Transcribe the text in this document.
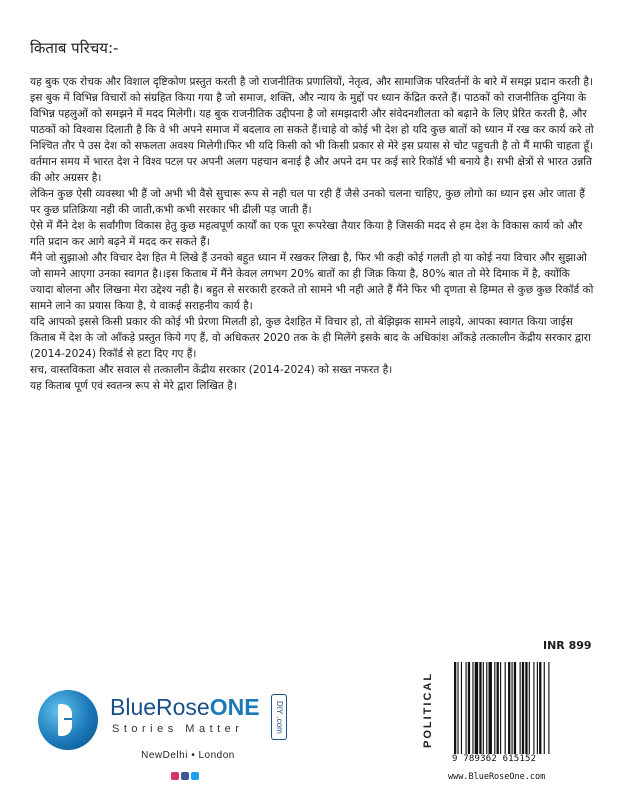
किताब परिचय:-

यह बुक एक रोचक और विशाल दृष्टिकोण प्रस्तुत करती है जो राजनीतिक प्रणालियों, नेतृत्व, और सामाजिक परिवर्तनों के बारे में समझ प्रदान करती है। इस बुक में विभिन्न विचारों को संग्रहित किया गया है जो समाज, शक्ति, और न्याय के मुद्दों पर ध्यान केंद्रित करते हैं। पाठकों को राजनीतिक दुनिया के विभिन्न पहलुओं को समझने में मदद मिलेगी। यह बुक राजनीतिक उद्दीपना है जो समझदारी और संवेदनशीलता को बढ़ाने के लिए प्रेरित करती है, और पाठकों को विश्वास दिलाती है कि वे भी अपने समाज में बदलाव ला सकते हैं।चाहे वो कोई भी देश हो यदि कुछ बातों को ध्यान में रख कर कार्य करे तो निश्चित तौर पे उस देश को सफलता अवश्य मिलेगी।फिर भी यदि किसी को भी किसी प्रकार से मेरे इस प्रयास से चोट पहुचती है तो मैं माफी चाहता हूँ।

वर्तमान समय में भारत देश ने विश्व पटल पर अपनी अलग पहचान बनाई है और अपने दम पर कई सारे रिकॉर्ड भी बनाये है। सभी क्षेत्रों से भारत उन्नति की ओर अग्रसर है।

लेकिन कुछ ऐसी व्यवस्था भी हैं जो अभी भी वैसे सुचारू रूप से नही चल पा रही हैं जैसे उनको चलना चाहिए, कुछ लोगो का ध्यान इस ओर जाता हैं पर कुछ प्रतिक्रिया नही की जाती,कभी कभी सरकार भी ढीली पड़ जाती हैं।

ऐसे में मैंने देश के सर्वांगीण विकास हेतु कुछ महत्वपूर्ण कार्यों का एक पूरा रूपरेखा तैयार किया है जिसकी मदद से हम देश के विकास कार्य को और गति प्रदान कर आगे बढ़ने में मदद कर सकते हैं।

मैंने जो सुझाओ और विचार देश हित मे लिखे हैं उनको बहुत ध्यान में रखकर लिखा है, फिर भी कही कोई गलती हो या कोई नया विचार और सुझाओ जो सामने आएगा उनका स्वागत है।।इस किताब में मैंने केवल लगभग 20% बातों का ही जिक्र किया है, 80% बात तो मेरे दिमाक में है, क्योंकि ज्यादा बोलना और लिखना मेरा उद्देश्य नही है। बहुत से सरकारी हरकते तो सामने भी नही आते हैं मैंने फिर भी दृणता से हिम्मत से कुछ कुछ रिकॉर्ड को सामने लाने का प्रयास किया है, ये वाकई सराहनीय कार्य है।

यदि आपको इससे किसी प्रकार की कोई भी प्रेरणा मिलती हो, कुछ देशहित में विचार हो, तो बेझिझक सामने लाइये, आपका स्वागत किया जाईस किताब में देश के जो आँकड़े प्रस्तुत किये गए हैं, वो अधिकतर 2020 तक के ही मिलेंगे इसके बाद के अधिकांश आँकड़े तत्कालीन केंद्रीय सरकार द्वारा (2014-2024) रिकॉर्ड से हटा दिए गए हैं।

सच, वास्तविकता और सवाल से तत्कालीन केंद्रीय सरकार (2014-2024) को सख्त नफरत है।

यह किताब पूर्ण एवं स्वतन्त्र रूप से मेरे द्वारा लिखित है।

INR 899
BlueRoseONE	DIY .com
Stories Matter
NewDelhi • London
POLITICAL
9 789362 615152
www.BlueRoseOne.com
